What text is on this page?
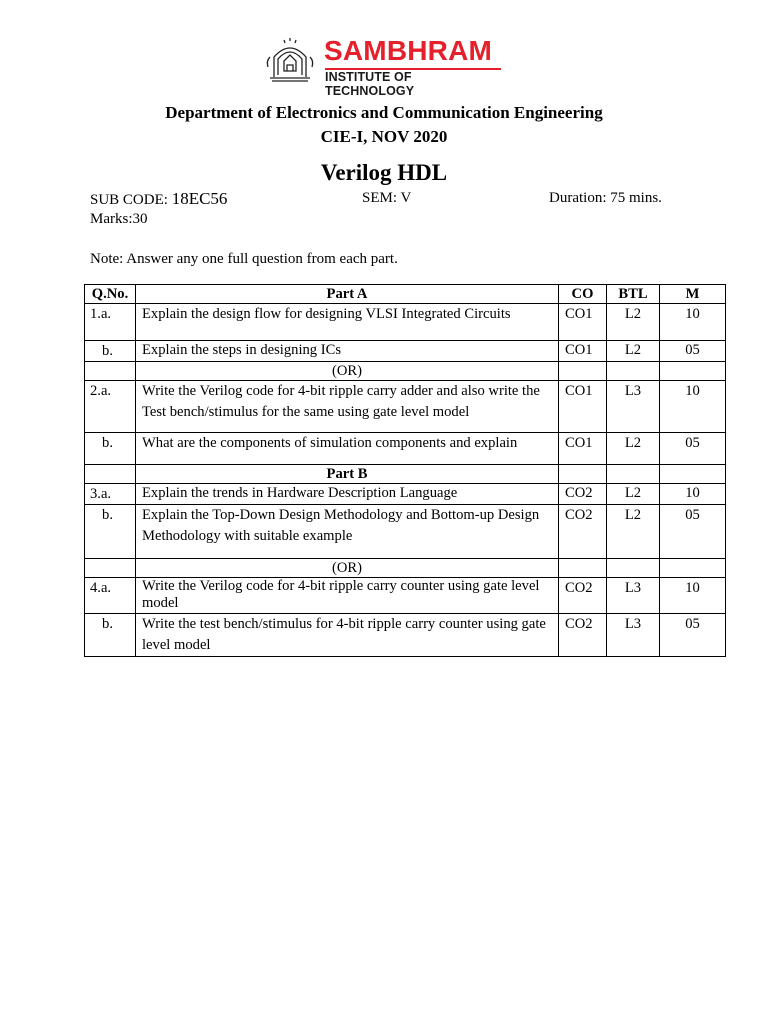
SAMBHRAM
INSTITUTE OF TECHNOLOGY
Department of Electronics and Communication Engineering
CIE-I, NOV 2020
Verilog HDL
SUB CODE: 18EC56	SEM: V	Duration: 75 mins.
Marks:30
Note: Answer any one full question from each part.
Q.No.	Part A	CO	BTL	M
1.a.	Explain the design flow for designing VLSI Integrated Circuits	CO1	L2	10
b.	Explain the steps in designing ICs	CO1	L2	05
	(OR)			
2.a.	Write the Verilog code for 4-bit ripple carry adder and also write the Test bench/stimulus for the same using gate level model	CO1	L3	10
b.	What are the components of simulation components and explain	CO1	L2	05
	Part B			
3.a.	Explain the trends in Hardware Description Language	CO2	L2	10
b.	Explain the Top-Down Design Methodology and Bottom-up Design Methodology with suitable example	CO2	L2	05
	(OR)			
4.a.	Write the Verilog code for 4-bit ripple carry counter using gate level model	CO2	L3	10
b.	Write the test bench/stimulus for 4-bit ripple carry counter using gate level model	CO2	L3	05
